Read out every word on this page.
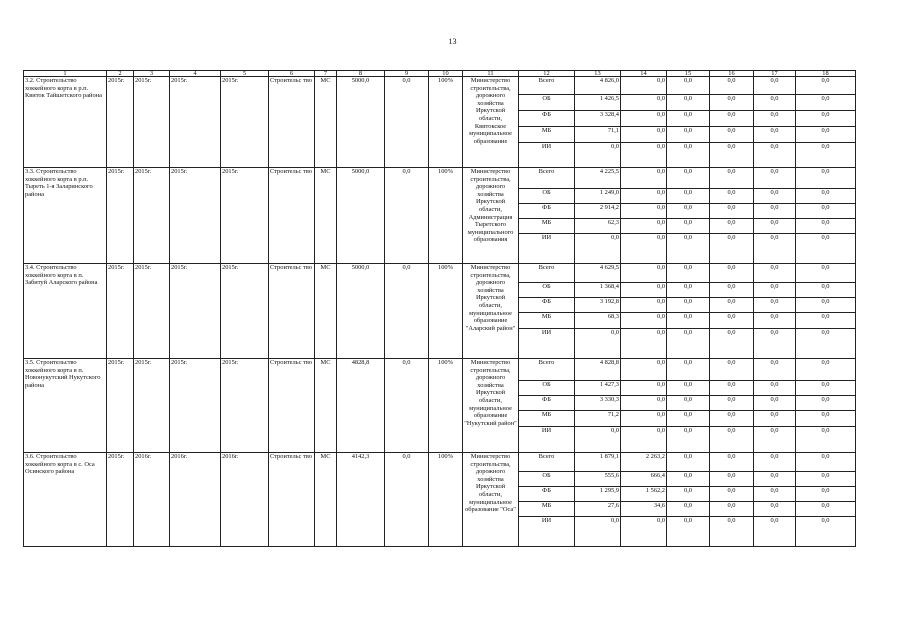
13
1	2	3	4	5	6	7	8	9	10	11	12	13	14	15	16	17	18
3.2. Строительство хоккейного корта в р.п. Квиток Тайшетского района	2015г.	2015г.	2015г.	2015г.	Строительс тво	МС	5000,0	0,0	100%	Министерство строительства, дорожного хозяйства Иркутской области, Квитокское муниципальное образование	Всего	4 826,0	0,0	0,0	0,0	0,0	0,0
											ОБ	1 426,5	0,0	0,0	0,0	0,0	0,0
											ФБ	3 328,4	0,0	0,0	0,0	0,0	0,0
											МБ	71,1	0,0	0,0	0,0	0,0	0,0
											ИИ	0,0	0,0	0,0	0,0	0,0	0,0
3.3. Строительство хоккейного корта в р.п. Тыреть 1-я Заларинского района	2015г.	2015г.	2015г.	2015г.	Строительс тво	МС	5000,0	0,0	100%	Министерство строительства, дорожного хозяйства Иркутской области, Администрация Тыретского муниципального образования	Всего	4 225,5	0,0	0,0	0,0	0,0	0,0
											ОБ	1 249,0	0,0	0,0	0,0	0,0	0,0
											ФБ	2 914,2	0,0	0,0	0,0	0,0	0,0
											МБ	62,3	0,0	0,0	0,0	0,0	0,0
											ИИ	0,0	0,0	0,0	0,0	0,0	0,0
3.4. Строительство хоккейного корта в п. Забитуй Аларского района	2015г.	2015г.	2015г.	2015г.	Строительс тво	МС	5000,0	0,0	100%	Министерство строительства, дорожного хозяйства Иркутской области, муниципальное образование "Аларский район"	Всего	4 629,5	0,0	0,0	0,0	0,0	0,0
											ОБ	1 368,4	0,0	0,0	0,0	0,0	0,0
											ФБ	3 192,8	0,0	0,0	0,0	0,0	0,0
											МБ	68,3	0,0	0,0	0,0	0,0	0,0
											ИИ	0,0	0,0	0,0	0,0	0,0	0,0
3.5. Строительство хоккейного корта в п. Новонукутский Нукутского района	2015г.	2015г.	2015г.	2015г.	Строительс тво	МС	4828,8	0,0	100%	Министерство строительства, дорожного хозяйства Иркутской области, муниципальное образование "Нукутский район"	Всего	4 828,8	0,0	0,0	0,0	0,0	0,0
											ОБ	1 427,3	0,0	0,0	0,0	0,0	0,0
											ФБ	3 330,3	0,0	0,0	0,0	0,0	0,0
											МБ	71,2	0,0	0,0	0,0	0,0	0,0
											ИИ	0,0	0,0	0,0	0,0	0,0	0,0
3.6. Строительство хоккейного корта в с. Оса Осинского района	2015г.	2016г.	2016г.	2016г.	Строительс тво	МС	4142,3	0,0	100%	Министерство строительства, дорожного хозяйства Иркутской области, муниципальное образование "Оса"	Всего	1 879,1	2 263,2	0,0	0,0	0,0	0,0
											ОБ	555,6	666,4	0,0	0,0	0,0	0,0
											ФБ	1 295,9	1 562,2	0,0	0,0	0,0	0,0
											МБ	27,6	34,6	0,0	0,0	0,0	0,0
											ИИ	0,0	0,0	0,0	0,0	0,0	0,0
